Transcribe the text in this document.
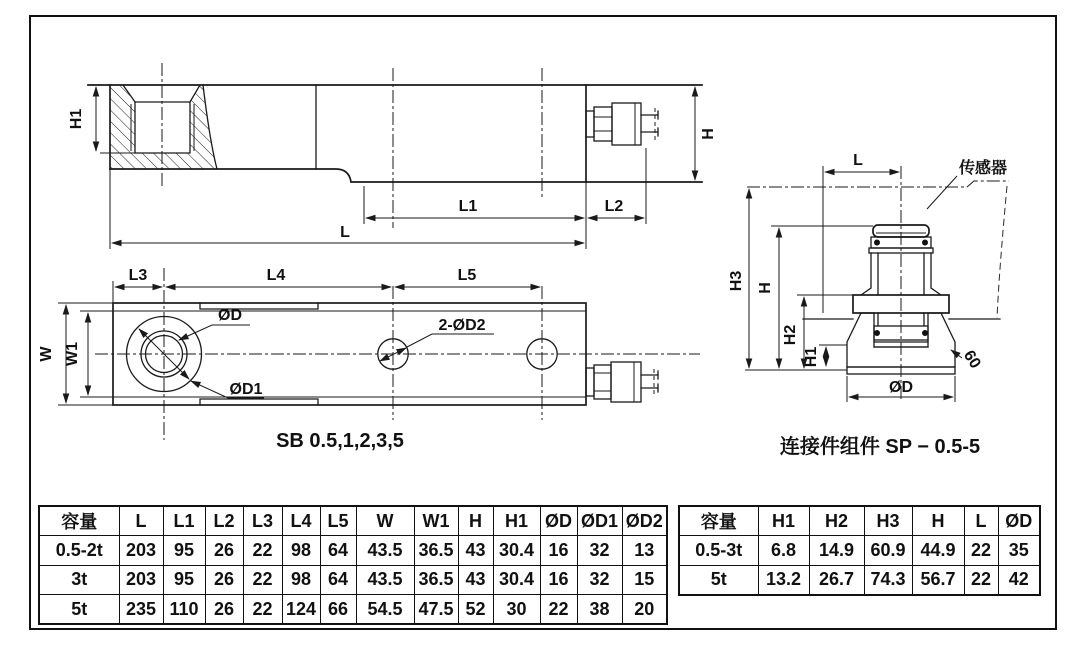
H1
H
L1	L2
L
ØD
ØD1
2-ØD2
L3	L4	L5
W W1
L
H3 H
H2
H1
ØD
60
传感器
SB 0.5,1,2,3,5	连接件组件 SP − 0.5-5
容量	L	L1	L2	L3	L4	L5	W	W1	H	H1	ØD	ØD1	ØD2
0.5-2t	203	95	26	22	98	64	43.5	36.5	43	30.4	16	32	13
3t	203	95	26	22	98	64	43.5	36.5	43	30.4	16	32	15
5t	235	110	26	22	124	66	54.5	47.5	52	30	22	38	20
容量	H1	H2	H3	H	L	ØD
0.5-3t	6.8	14.9	60.9	44.9	22	35
5t	13.2	26.7	74.3	56.7	22	42
